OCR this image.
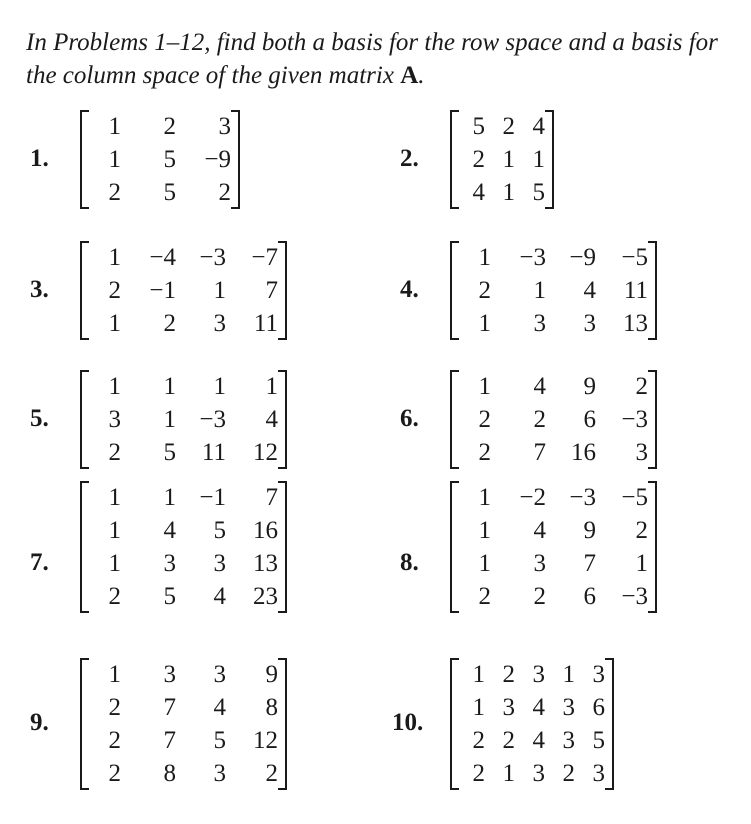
In Problems 1–12, find both a basis for the row space and a basis for the column space of the given matrix A.
1.
1	2	3
1	5	−9
2	5	2
2.
5 2 4
2 1 1
4 1 5
3.
1	−4 −3	−7
2	−1	1	7
1	2	3	11
4.
1	−3 −9	−5
2	1	4	11
1	3	3	13
5.
1	1	1	1
3	1 −3	4
2	5	11	12
6.
1	4	9	2
2	2	6	−3
2	7	16	3
7.
1	1 −1	7
1	4	5	16
1	3	3	13
2	5	4	23
8.
1	−2 −3	−5
1	4	9	2
1	3	7	1
2	2	6	−3
9.
1	3	3	9
2	7	4	8
2	7	5	12
2	8	3	2
10.
1 2 3 1 3
1 3 4 3 6
2 2 4 3 5
2 1 3 2 3
